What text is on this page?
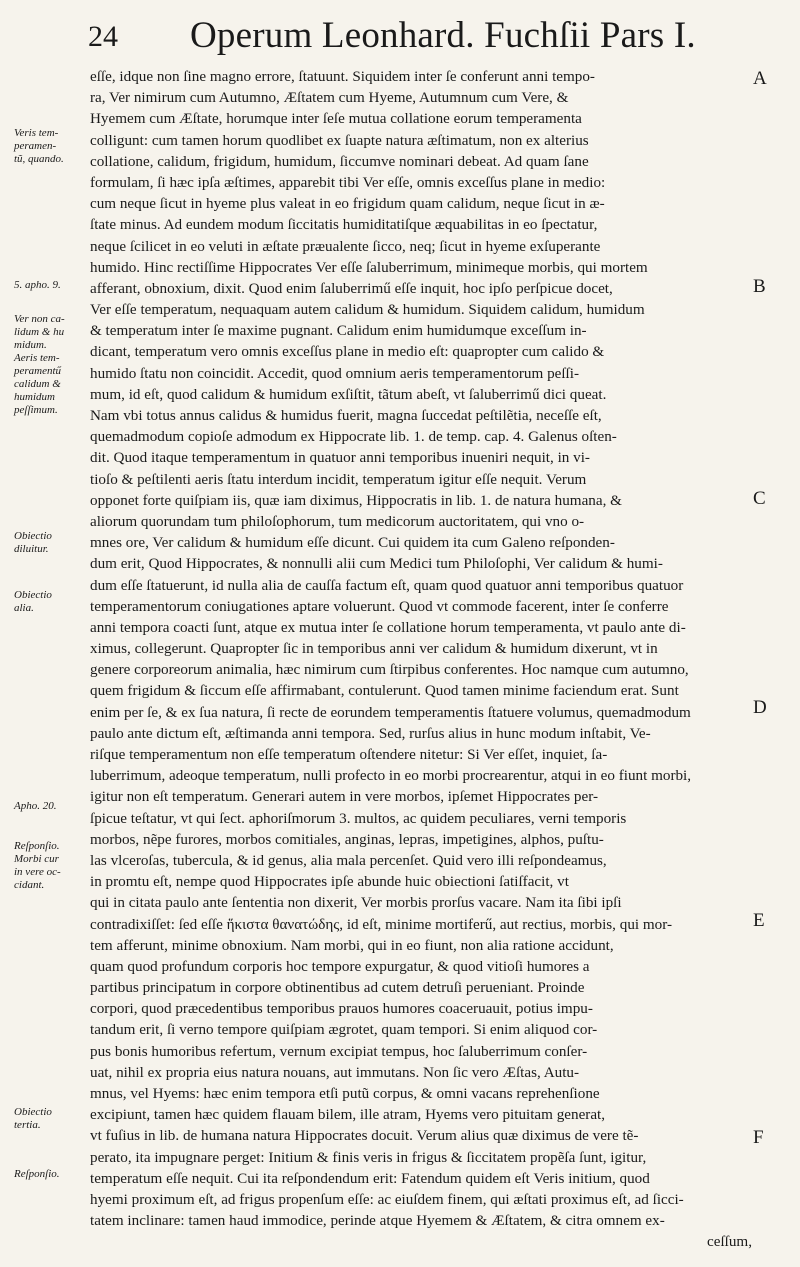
24 Operum Leonhard. Fuchſii Pars I.
Veris tem-
peramen-
tũ, quando.
5. apho. 9.
Ver non ca-
lidum & hu
midum.
Aeris tem-
peramentű
calidum &
humidum
peſſimum.
Obiectio
diluitur.
Obiectio
alia.
Apho. 20.
Reſponſio.
Morbi cur
in vere oc-
cidant.
Obiectio
tertia.
Reſponſio.
A
B
C
D
E
F
eſſe, idque non ſine magno errore, ſtatuunt. Siquidem inter ſe conferunt anni tempo-
ra, Ver nimirum cum Autumno, Æſtatem cum Hyeme, Autumnum cum Vere, &
Hyemem cum Æſtate, horumque inter ſeſe mutua collatione eorum temperamenta
colligunt: cum tamen horum quodlibet ex ſuapte natura æſtimatum, non ex alterius
collatione, calidum, frigidum, humidum, ſiccumve nominari debeat. Ad quam ſane
formulam, ſi hæc ipſa æſtimes, apparebit tibi Ver eſſe, omnis exceſſus plane in medio:
cum neque ſicut in hyeme plus valeat in eo frigidum quam calidum, neque ſicut in æ-
ſtate minus. Ad eundem modum ſiccitatis humiditatiſque æquabilitas in eo ſpectatur,
neque ſcilicet in eo veluti in æſtate præualente ſicco, neq; ſicut in hyeme exſuperante
humido. Hinc rectiſſime Hippocrates Ver eſſe ſaluberrimum, minimeque morbis, qui mortem
afferant, obnoxium, dixit. Quod enim ſaluberrimű eſſe inquit, hoc ipſo perſpicue docet,
Ver eſſe temperatum, nequaquam autem calidum & humidum. Siquidem calidum, humidum
& temperatum inter ſe maxime pugnant. Calidum enim humidumque exceſſum in-
dicant, temperatum vero omnis exceſſus plane in medio eſt: quapropter cum calido &
humido ſtatu non coincidit. Accedit, quod omnium aeris temperamentorum peſſi-
mum, id eſt, quod calidum & humidum exſiſtit, tãtum abeſt, vt ſaluberrimű dici queat.
Nam vbi totus annus calidus & humidus fuerit, magna ſuccedat peſtilẽtia, neceſſe eſt,
quemadmodum copioſe admodum ex Hippocrate lib. 1. de temp. cap. 4. Galenus oſten-
dit. Quod itaque temperamentum in quatuor anni temporibus inueniri nequit, in vi-
tioſo & peſtilenti aeris ſtatu interdum incidit, temperatum igitur eſſe nequit. Verum
opponet forte quiſpiam iis, quæ iam diximus, Hippocratis in lib. 1. de natura humana, &
aliorum quorundam tum philoſophorum, tum medicorum auctoritatem, qui vno o-
mnes ore, Ver calidum & humidum eſſe dicunt. Cui quidem ita cum Galeno reſponden-
dum erit, Quod Hippocrates, & nonnulli alii cum Medici tum Philoſophi, Ver calidum & humi-
dum eſſe ſtatuerunt, id nulla alia de cauſſa factum eſt, quam quod quatuor anni temporibus quatuor
temperamentorum coniugationes aptare voluerunt. Quod vt commode facerent, inter ſe conferre
anni tempora coacti ſunt, atque ex mutua inter ſe collatione horum temperamenta, vt paulo ante di-
ximus, collegerunt. Quapropter ſic in temporibus anni ver calidum & humidum dixerunt, vt in
genere corporeorum animalia, hæc nimirum cum ſtirpibus conferentes. Hoc namque cum autumno,
quem frigidum & ſiccum eſſe affirmabant, contulerunt. Quod tamen minime faciendum erat. Sunt
enim per ſe, & ex ſua natura, ſi recte de eorundem temperamentis ſtatuere volumus, quemadmodum
paulo ante dictum eſt, æſtimanda anni tempora. Sed, rurſus alius in hunc modum inſtabit, Ve-
riſque temperamentum non eſſe temperatum oſtendere nitetur: Si Ver eſſet, inquiet, ſa-
luberrimum, adeoque temperatum, nulli profecto in eo morbi procrearentur, atqui in eo fiunt morbi,
igitur non eſt temperatum. Generari autem in vere morbos, ipſemet Hippocrates per-
ſpicue teſtatur, vt qui ſect. aphoriſmorum 3. multos, ac quidem peculiares, verni temporis
morbos, nẽpe furores, morbos comitiales, anginas, lepras, impetigines, alphos, puſtu-
las vlceroſas, tubercula, & id genus, alia mala percenſet. Quid vero illi reſpondeamus,
in promtu eſt, nempe quod Hippocrates ipſe abunde huic obiectioni ſatiſfacit, vt
qui in citata paulo ante ſententia non dixerit, Ver morbis prorſus vacare. Nam ita ſibi ipſi
contradixiſſet: ſed eſſe ἥκιστα θανατώδης, id eſt, minime mortiferű, aut rectius, morbis, qui mor-
tem afferunt, minime obnoxium. Nam morbi, qui in eo fiunt, non alia ratione accidunt,
quam quod profundum corporis hoc tempore expurgatur, & quod vitioſi humores a
partibus principatum in corpore obtinentibus ad cutem detruſi perueniant. Proinde
corpori, quod præcedentibus temporibus prauos humores coaceruauit, potius impu-
tandum erit, ſi verno tempore quiſpiam ægrotet, quam tempori. Si enim aliquod cor-
pus bonis humoribus refertum, vernum excipiat tempus, hoc ſaluberrimum conſer-
uat, nihil ex propria eius natura nouans, aut immutans. Non ſic vero Æſtas, Autu-
mnus, vel Hyems: hæc enim tempora etſi putũ corpus, & omni vacans reprehenſione
excipiunt, tamen hæc quidem flauam bilem, ille atram, Hyems vero pituitam generat,
vt fuſius in lib. de humana natura Hippocrates docuit. Verum alius quæ diximus de vere tẽ-
perato, ita impugnare perget: Initium & finis veris in frigus & ſiccitatem propẽſa ſunt, igitur,
temperatum eſſe nequit. Cui ita reſpondendum erit: Fatendum quidem eſt Veris initium, quod
hyemi proximum eſt, ad frigus propenſum eſſe: ac eiuſdem finem, qui æſtati proximus eſt, ad ſicci-
tatem inclinare: tamen haud immodice, perinde atque Hyemem & Æſtatem, & citra omnem ex-
ceſſum,
